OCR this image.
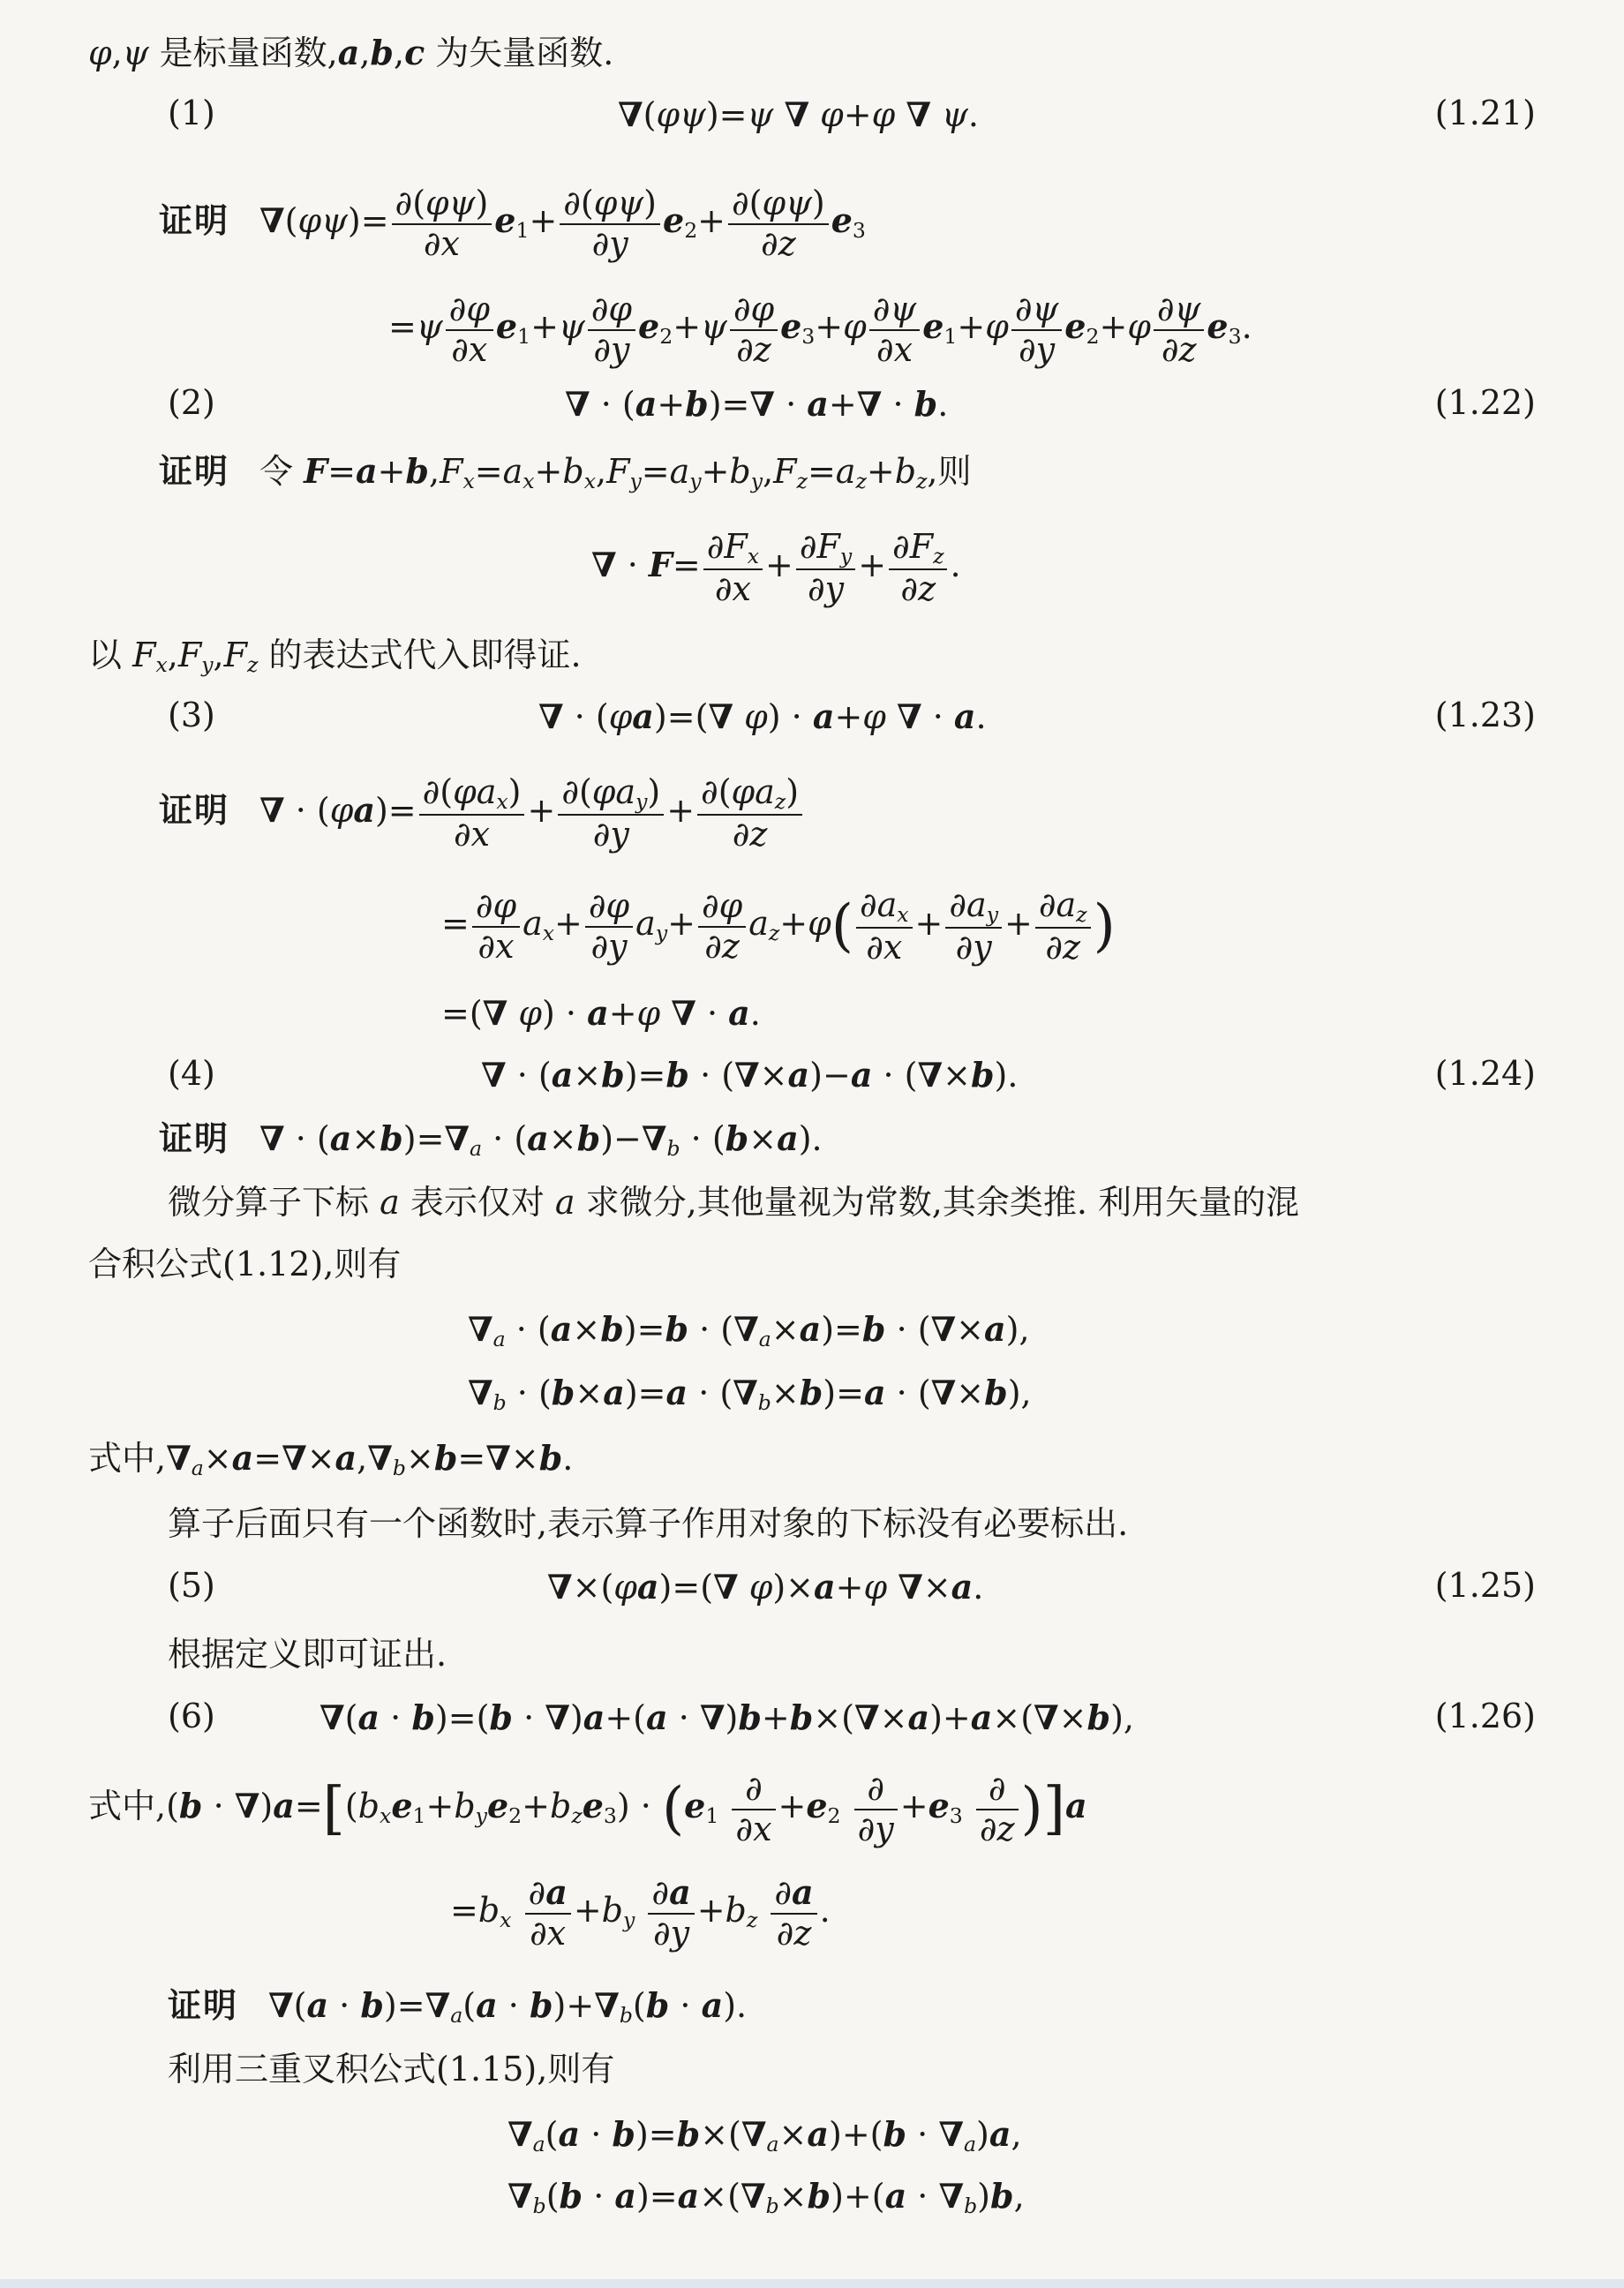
φ,ψ 是标量函数,a,b,c 为矢量函数.
(1)	∇(φψ)=ψ ∇ φ+φ ∇ ψ.	(1.21)
证明 $\nabla(\varphi\psi)= \frac{\partial(\varphi\psi)}{\partial x} e_1+ \frac{\partial(\varphi\psi)}{\partial y} e_2+ \frac{\partial(\varphi\psi)}{\partial z} e_3$
$=\psi \frac{\partial\varphi}{\partial x} e_1+\psi \frac{\partial\varphi}{\partial y} e_2+\psi \frac{\partial\varphi}{\partial z} e_3+\varphi \frac{\partial\psi}{\partial x} e_1+\varphi \frac{\partial\psi}{\partial y} e_2+\varphi \frac{\partial\psi}{\partial z} e_3$.
(2)	∇ · (a+b)=∇ · a+∇ · b.	(1.22)
证明 令 $F=a+b,F_x=a_x+b_x,F_y=a_y+b_y,F_z=a_z+b_z$,则
∇ · $F= \frac{\partial F_x}{\partial x} + \frac{\partial F_y}{\partial y} + \frac{\partial F_z}{\partial z}$ .
以 $F_x,F_y,F_z$ 的表达式代入即得证.
(3)	∇ · (φa)=(∇ φ) · a+φ ∇ · a.	(1.23)
证明 ∇ · $(\varphi a)= \partial(\varphi a_x)$
∂x
+ $\partial(\varphi a_y)$
∂y
+ $\partial(\varphi a_z)$
∂z
= $\frac{\partial\varphi}{\partial x} a_x+ \frac{\partial\varphi}{\partial y} a_y+ \frac{\partial\varphi}{\partial z} a_z+\varphi( \frac{\partial a_x}{\partial x} + \frac{\partial a_y}{\partial y} + \frac{\partial a_z}{\partial z}$ )
=(∇ φ) · a+φ ∇ · a.
(4)	∇ · (a×b)=b · (∇×a)−a · (∇×b).	(1.24)
证明 ∇ · $(a\times b)=\nabla_a \cdot (a\times b)-\nabla_b \cdot (b\times a)$.
微分算子下标 a 表示仅对 a 求微分,其他量视为常数,其余类推. 利用矢量的混
合积公式(1.12),则有
$\nabla_a \cdot (a\times b)=b \cdot (\nabla_a\times a)=b \cdot (\nabla\times a)$,
$\nabla_b \cdot (b\times a)=a \cdot (\nabla_b\times b)=a \cdot (\nabla\times b)$,
式中$,\nabla_a\times a=\nabla\times a,\nabla_b\times b=\nabla\times b$.
算子后面只有一个函数时,表示算子作用对象的下标没有必要标出.
(5)	∇×(φa)=(∇ φ)×a+φ ∇×a.	(1.25)
根据定义即可证出.
(6)	∇(a · b)=(b · ∇)a+(a · ∇)b+b×(∇×a)+a×(∇×b),	(1.26)
式中$,(b \cdot \nabla)a=[(b_xe_1+b_ye_2+b_ze_3) \cdot (e_1$
∂
∂x
$+e_2$
∂
∂y
$+e_3$
∂
∂z )]a
$=b_x \frac{\partial a}{\partial x} +b_y \frac{\partial a}{\partial y} +b_z \frac{\partial a}{\partial z}$ .
证明 $\nabla(a \cdot b)=\nabla_a(a \cdot b)+\nabla_b(b \cdot a)$.
利用三重叉积公式(1.15),则有
$\nabla_a(a \cdot b)=b\times(\nabla_a\times a)+(b \cdot \nabla_a)a$,
$\nabla_b(b \cdot a)=a\times(\nabla_b\times b)+(a \cdot \nabla_b)b$,
